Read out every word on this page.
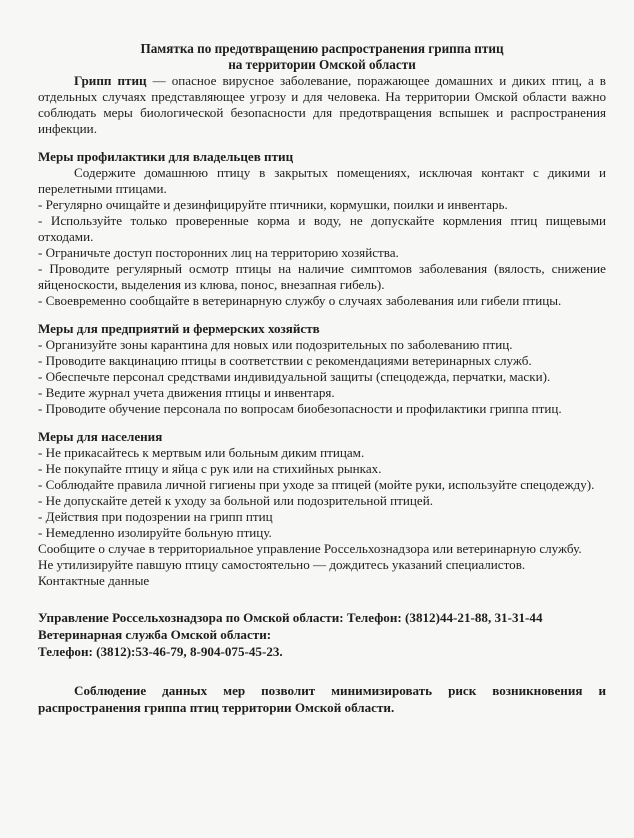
Памятка по предотвращению распространения гриппа птиц
на территории Омской области

Грипп птиц — опасное вирусное заболевание, поражающее домашних и диких птиц, а в отдельных случаях представляющее угрозу и для человека. На территории Омской области важно соблюдать меры биологической безопасности для предотвращения вспышек и распространения инфекции.

Меры профилактики для владельцев птиц

Содержите домашнюю птицу в закрытых помещениях, исключая контакт с дикими и перелетными птицами.

- Регулярно очищайте и дезинфицируйте птичники, кормушки, поилки и инвентарь.

- Используйте только проверенные корма и воду, не допускайте кормления птиц пищевыми отходами.

- Ограничьте доступ посторонних лиц на территорию хозяйства.

- Проводите регулярный осмотр птицы на наличие симптомов заболевания (вялость, снижение яйценоскости, выделения из клюва, понос, внезапная гибель).

- Своевременно сообщайте в ветеринарную службу о случаях заболевания или гибели птицы.

Меры для предприятий и фермерских хозяйств

- Организуйте зоны карантина для новых или подозрительных по заболеванию птиц.

- Проводите вакцинацию птицы в соответствии с рекомендациями ветеринарных служб.

- Обеспечьте персонал средствами индивидуальной защиты (спецодежда, перчатки, маски).

- Ведите журнал учета движения птицы и инвентаря.

- Проводите обучение персонала по вопросам биобезопасности и профилактики гриппа птиц.

Меры для населения

- Не прикасайтесь к мертвым или больным диким птицам.

- Не покупайте птицу и яйца с рук или на стихийных рынках.

- Соблюдайте правила личной гигиены при уходе за птицей (мойте руки, используйте спецодежду).

- Не допускайте детей к уходу за больной или подозрительной птицей.

- Действия при подозрении на грипп птиц

- Немедленно изолируйте больную птицу.

Сообщите о случае в территориальное управление Россельхознадзора или ветеринарную службу.

Не утилизируйте павшую птицу самостоятельно — дождитесь указаний специалистов.

Контактные данные

Управление Россельхознадзора по Омской области: Телефон: (3812)44-21-88, 31-31-44

Ветеринарная служба Омской области:

Телефон: (3812):53-46-79, 8-904-075-45-23.

Соблюдение данных мер позволит минимизировать риск возникновения и распространения гриппа птиц территории Омской области.
